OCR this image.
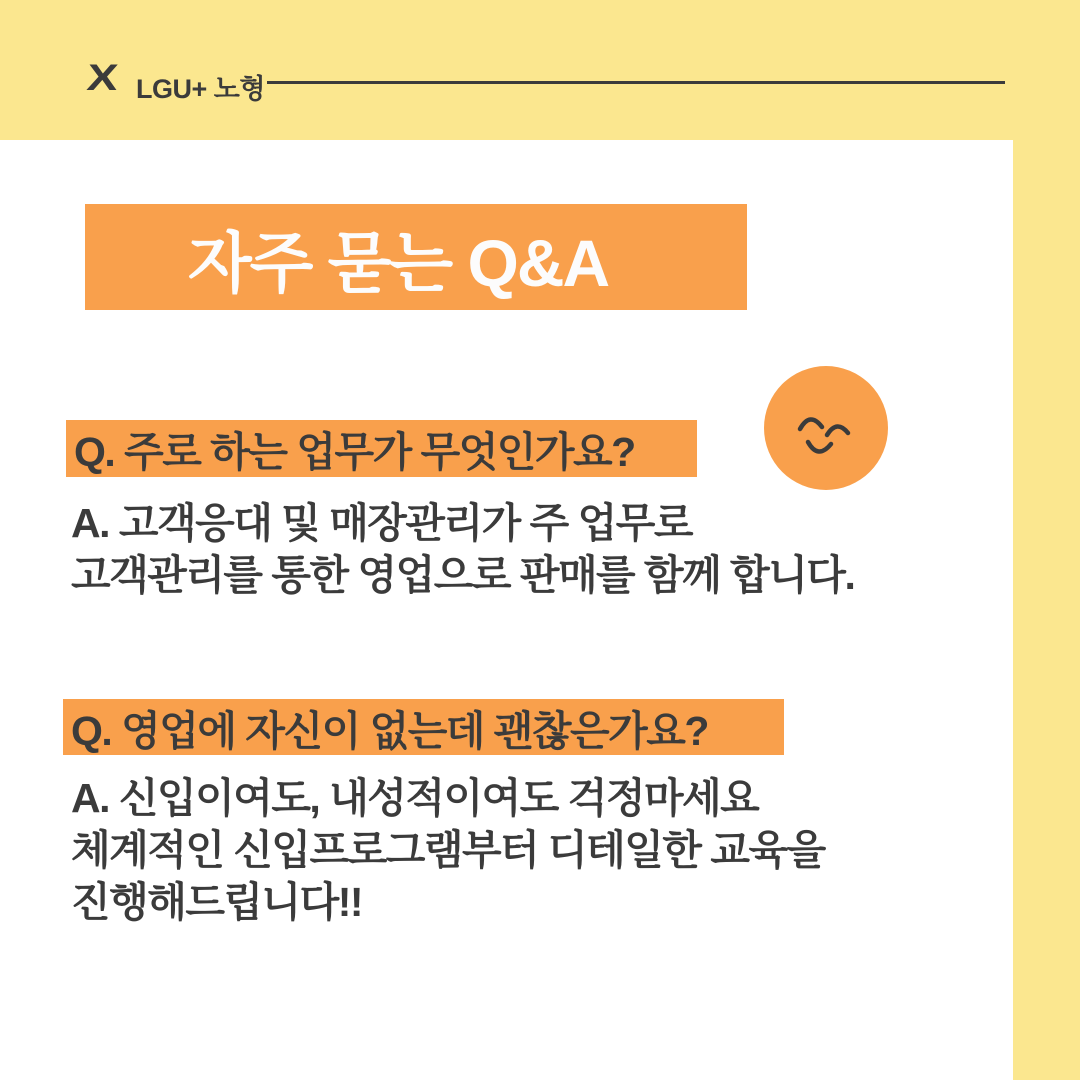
X LGU+ 노형
자주 묻는 Q&A
Q. 주로 하는 업무가 무엇인가요?
A. 고객응대 및 매장관리가 주 업무로
고객관리를 통한 영업으로 판매를 함께 합니다.
Q. 영업에 자신이 없는데 괜찮은가요?
A. 신입이여도, 내성적이여도 걱정마세요
체계적인 신입프로그램부터 디테일한 교육을
진행해드립니다!!
